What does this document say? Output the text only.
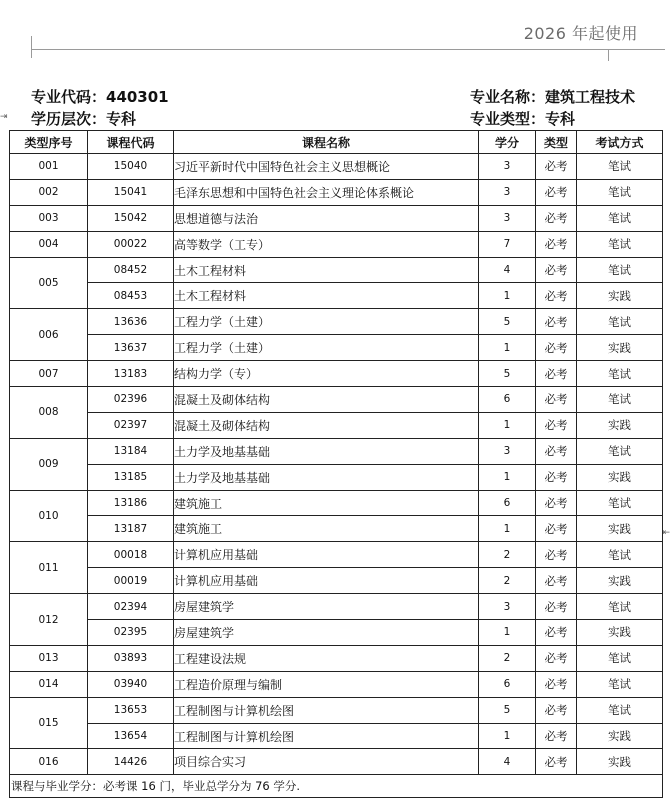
2026 年起使用
⇥
⇤
专业代码：440301
学历层次：专科
专业名称：建筑工程技术
专业类型：专科
类型序号	课程代码	课程名称	学分	类型	考试方式
001	15040	习近平新时代中国特色社会主义思想概论	3	必考	笔试
002	15041	毛泽东思想和中国特色社会主义理论体系概论	3	必考	笔试
003	15042	思想道德与法治	3	必考	笔试
004	00022	高等数学（工专）	7	必考	笔试
005	08452	土木工程材料	4	必考	笔试
	08453	土木工程材料	1	必考	实践
006	13636	工程力学（土建）	5	必考	笔试
	13637	工程力学（土建）	1	必考	实践
007	13183	结构力学（专）	5	必考	笔试
008	02396	混凝土及砌体结构	6	必考	笔试
	02397	混凝土及砌体结构	1	必考	实践
009	13184	土力学及地基基础	3	必考	笔试
	13185	土力学及地基基础	1	必考	实践
010	13186	建筑施工	6	必考	笔试
	13187	建筑施工	1	必考	实践
011	00018	计算机应用基础	2	必考	笔试
	00019	计算机应用基础	2	必考	实践
012	02394	房屋建筑学	3	必考	笔试
	02395	房屋建筑学	1	必考	实践
013	03893	工程建设法规	2	必考	笔试
014	03940	工程造价原理与编制	6	必考	笔试
015	13653	工程制图与计算机绘图	5	必考	笔试
	13654	工程制图与计算机绘图	1	必考	实践
016	14426	项目综合实习	4	必考	实践
课程与毕业学分：必考课 16 门，毕业总学分为 76 学分.					
